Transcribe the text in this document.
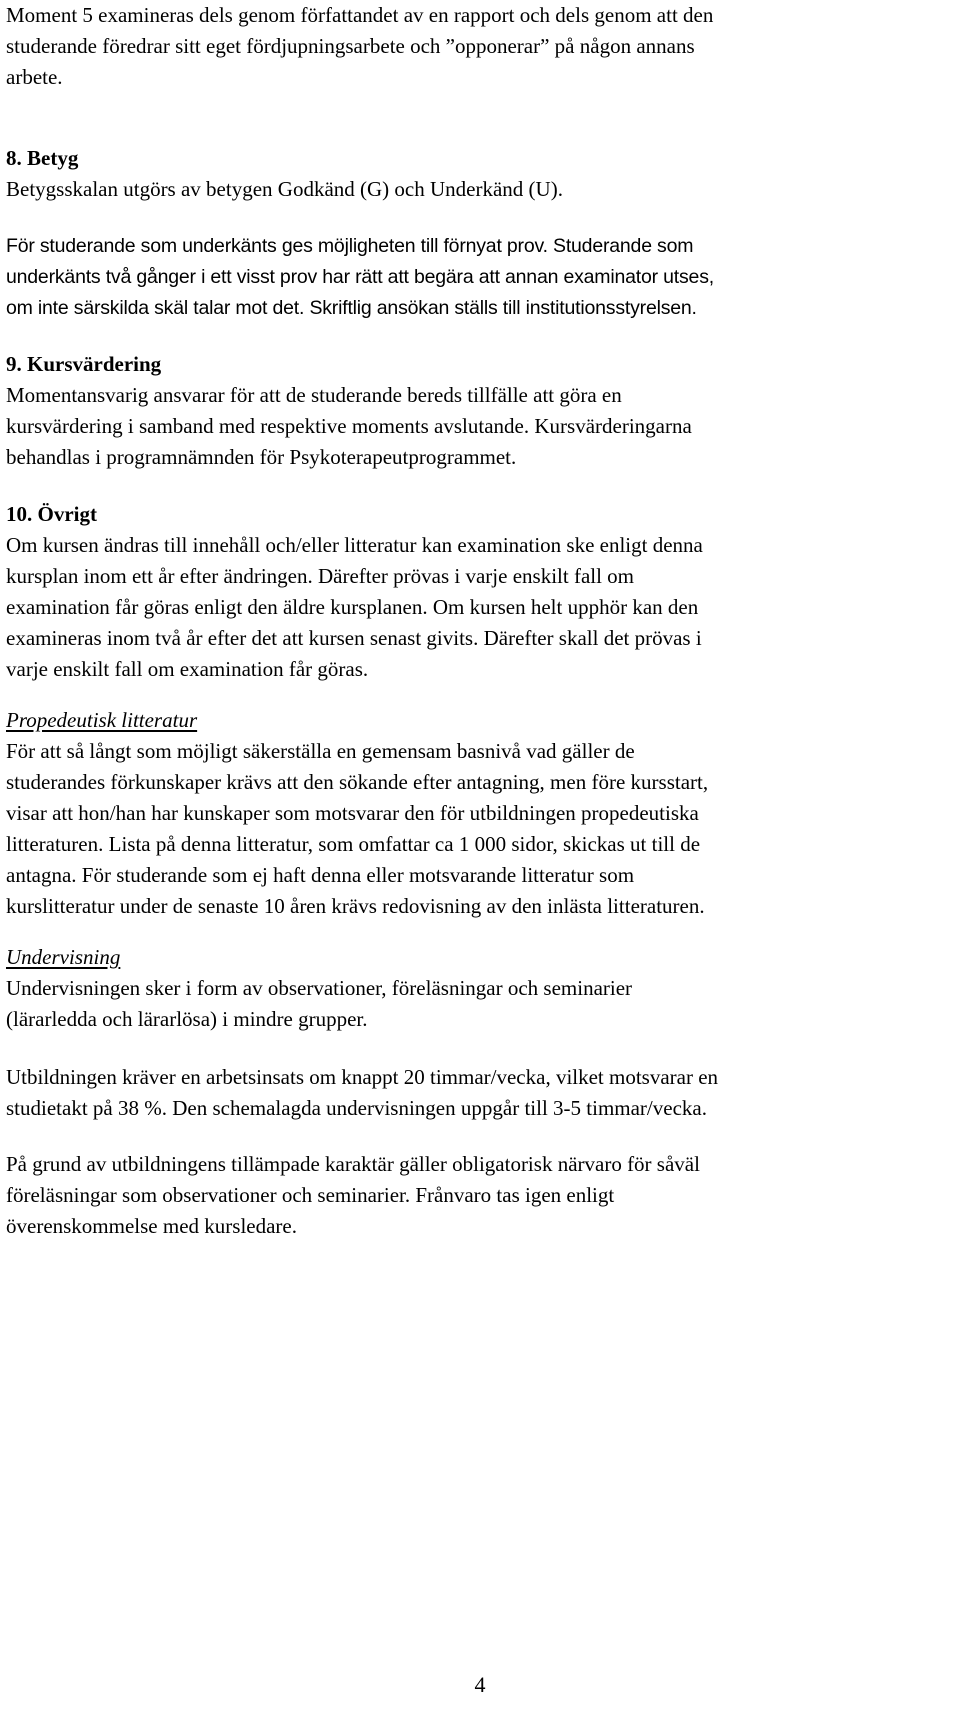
Moment 5 examineras dels genom författandet av en rapport och dels genom att den
studerande föredrar sitt eget fördjupningsarbete och ”opponerar” på någon annans
arbete.

8. Betyg
Betygsskalan utgörs av betygen Godkänd (G) och Underkänd (U).

För studerande som underkänts ges möjligheten till förnyat prov. Studerande som
underkänts två gånger i ett visst prov har rätt att begära att annan examinator utses,
om inte särskilda skäl talar mot det. Skriftlig ansökan ställs till institutionsstyrelsen.

9. Kursvärdering
Momentansvarig ansvarar för att de studerande bereds tillfälle att göra en
kursvärdering i samband med respektive moments avslutande. Kursvärderingarna
behandlas i programnämnden för Psykoterapeutprogrammet.

10. Övrigt
Om kursen ändras till innehåll och/eller litteratur kan examination ske enligt denna
kursplan inom ett år efter ändringen. Därefter prövas i varje enskilt fall om
examination får göras enligt den äldre kursplanen. Om kursen helt upphör kan den
examineras inom två år efter det att kursen senast givits. Därefter skall det prövas i
varje enskilt fall om examination får göras.

Propedeutisk litteratur
För att så långt som möjligt säkerställa en gemensam basnivå vad gäller de
studerandes förkunskaper krävs att den sökande efter antagning, men före kursstart,
visar att hon/han har kunskaper som motsvarar den för utbildningen propedeutiska
litteraturen. Lista på denna litteratur, som omfattar ca 1 000 sidor, skickas ut till de
antagna. För studerande som ej haft denna eller motsvarande litteratur som
kurslitteratur under de senaste 10 åren krävs redovisning av den inlästa litteraturen.

Undervisning
Undervisningen sker i form av observationer, föreläsningar och seminarier
(lärarledda och lärarlösa) i mindre grupper.

Utbildningen kräver en arbetsinsats om knappt 20 timmar/vecka, vilket motsvarar en
studietakt på 38 %. Den schemalagda undervisningen uppgår till 3-5 timmar/vecka.

På grund av utbildningens tillämpade karaktär gäller obligatorisk närvaro för såväl
föreläsningar som observationer och seminarier. Frånvaro tas igen enligt
överenskommelse med kursledare.

4
